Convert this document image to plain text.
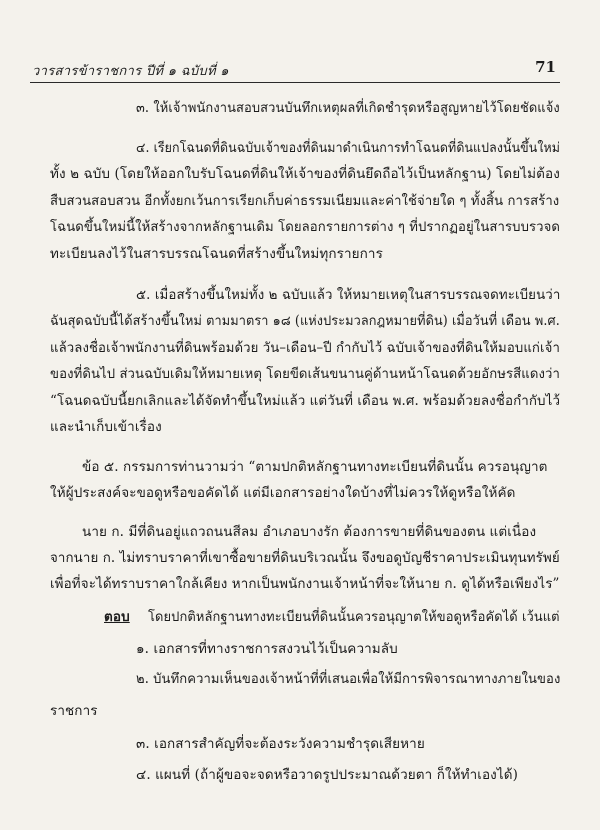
วารสารข้าราชการ ปีที่ ๑ ฉบับที่ ๑	71
๓. ให้เจ้าพนักงานสอบสวนบันทึกเหตุผลที่เกิดชำรุดหรือสูญหายไว้โดยชัดแจ้ง
๔. เรียกโฉนดที่ดินฉบับเจ้าของที่ดินมาดำเนินการทำโฉนดที่ดินแปลงนั้นขึ้นใหม่
ทั้ง ๒ ฉบับ (โดยให้ออกใบรับโฉนดที่ดินให้เจ้าของที่ดินยึดถือไว้เป็นหลักฐาน) โดยไม่ต้อง
สืบสวนสอบสวน อีกทั้งยกเว้นการเรียกเก็บค่าธรรมเนียมและค่าใช้จ่ายใด ๆ ทั้งสิ้น การสร้าง
โฉนดขึ้นใหม่นี้ให้สร้างจากหลักฐานเดิม โดยลอกรายการต่าง ๆ ที่ปรากฏอยู่ในสารบบรวจด
ทะเบียนลงไว้ในสารบรรณโฉนดที่สร้างขึ้นใหม่ทุกรายการ
๕. เมื่อสร้างขึ้นใหม่ทั้ง ๒ ฉบับแล้ว ให้หมายเหตุในสารบรรณจดทะเบียนว่า
ฉันสุดฉบับนี้ได้สร้างขึ้นใหม่ ตามมาตรา ๑๘ (แห่งประมวลกฎหมายที่ดิน) เมื่อวันที่ เดือน พ.ศ.
แล้วลงชื่อเจ้าพนักงานที่ดินพร้อมด้วย วัน–เดือน–ปี กำกับไว้ ฉบับเจ้าของที่ดินให้มอบแก่เจ้า
ของที่ดินไป ส่วนฉบับเดิมให้หมายเหตุ โดยขีดเส้นขนานคู่ด้านหน้าโฉนดด้วยอักษรสีแดงว่า
“โฉนดฉบับนี้ยกเลิกและได้จัดทำขึ้นใหม่แล้ว แต่วันที่ เดือน พ.ศ. พร้อมด้วยลงชื่อกำกับไว้
และนำเก็บเข้าเรื่อง
ข้อ ๕. กรรมการท่านวามว่า “ตามปกติหลักฐานทางทะเบียนที่ดินนั้น ควรอนุญาต
ให้ผู้ประสงค์จะขอดูหรือขอคัดได้ แต่มีเอกสารอย่างใดบ้างที่ไม่ควรให้ดูหรือให้คัด
นาย ก. มีที่ดินอยู่แถวถนนสีลม อำเภอบางรัก ต้องการขายที่ดินของตน แต่เนื่อง
จากนาย ก. ไม่ทราบราคาที่เขาซื้อขายที่ดินบริเวณนั้น จึงขอดูบัญชีราคาประเมินทุนทรัพย์
เพื่อที่จะได้ทราบราคาใกล้เคียง หากเป็นพนักงานเจ้าหน้าที่จะให้นาย ก. ดูได้หรือเพียงไร”
ตอบ โดยปกติหลักฐานทางทะเบียนที่ดินนั้นควรอนุญาตให้ขอดูหรือคัดได้ เว้นแต่
๑. เอกสารที่ทางราชการสงวนไว้เป็นความลับ
๒. บันทึกความเห็นของเจ้าหน้าที่ที่เสนอเพื่อให้มีการพิจารณาทางภายในของ
ราชการ
๓. เอกสารสำคัญที่จะต้องระวังความชำรุดเสียหาย
๔. แผนที่ (ถ้าผู้ขอจะจดหรือวาดรูปประมาณด้วยตา ก็ให้ทำเองได้)
